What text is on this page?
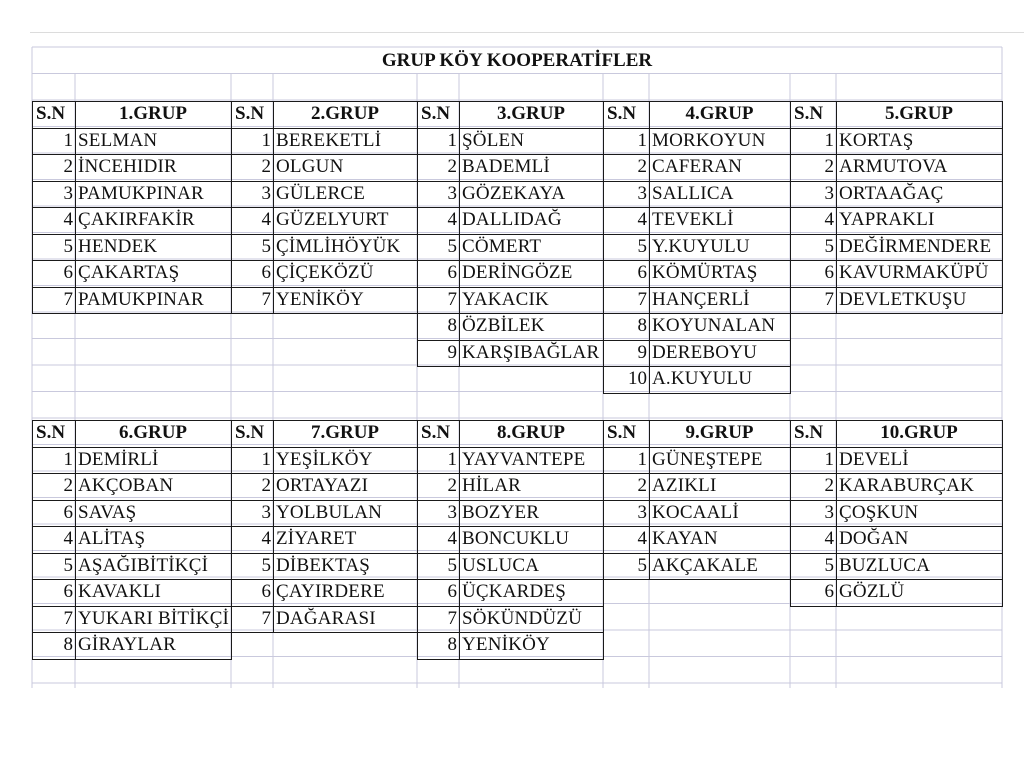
GRUP KÖY KOOPERATİFLER
S.N	1.GRUP
1 SELMAN
2 İNCEHIDIR
3 PAMUKPINAR
4 ÇAKIRFAKİR
5 HENDEK
6 ÇAKARTAŞ
7 PAMUKPINAR
S.N	2.GRUP
1 BEREKETLİ
2 OLGUN
3 GÜLERCE
4 GÜZELYURT
5 ÇİMLİHÖYÜK
6 ÇİÇEKÖZÜ
7 YENİKÖY
S.N	3.GRUP
1 ŞÖLEN
2 BADEMLİ
3 GÖZEKAYA
4 DALLIDAĞ
5 CÖMERT
6 DERİNGÖZE
7 YAKACIK
8 ÖZBİLEK
9 KARŞIBAĞLAR
S.N	4.GRUP
1 MORKOYUN
2 CAFERAN
3 SALLICA
4 TEVEKLİ
5 Y.KUYULU
6 KÖMÜRTAŞ
7 HANÇERLİ
8 KOYUNALAN
9 DEREBOYU
10 A.KUYULU
S.N	5.GRUP
1 KORTAŞ
2 ARMUTOVA
3 ORTAAĞAÇ
4 YAPRAKLI
5 DEĞİRMENDERE
6 KAVURMAKÜPÜ
7 DEVLETKUŞU
S.N	6.GRUP
1 DEMİRLİ
2 AKÇOBAN
6 SAVAŞ
4 ALİTAŞ
5 AŞAĞIBİTİKÇİ
6 KAVAKLI
7 YUKARI BİTİKÇİ
8 GİRAYLAR
S.N	7.GRUP
1 YEŞİLKÖY
2 ORTAYAZI
3 YOLBULAN
4 ZİYARET
5 DİBEKTAŞ
6 ÇAYIRDERE
7 DAĞARASI
S.N	8.GRUP
1 YAYVANTEPE
2 HİLAR
3 BOZYER
4 BONCUKLU
5 USLUCA
6 ÜÇKARDEŞ
7 SÖKÜNDÜZÜ
8 YENİKÖY
S.N	9.GRUP
1 GÜNEŞTEPE
2 AZIKLI
3 KOCAALİ
4 KAYAN
5 AKÇAKALE
S.N	10.GRUP
1 DEVELİ
2 KARABURÇAK
3 ÇOŞKUN
4 DOĞAN
5 BUZLUCA
6 GÖZLÜ
